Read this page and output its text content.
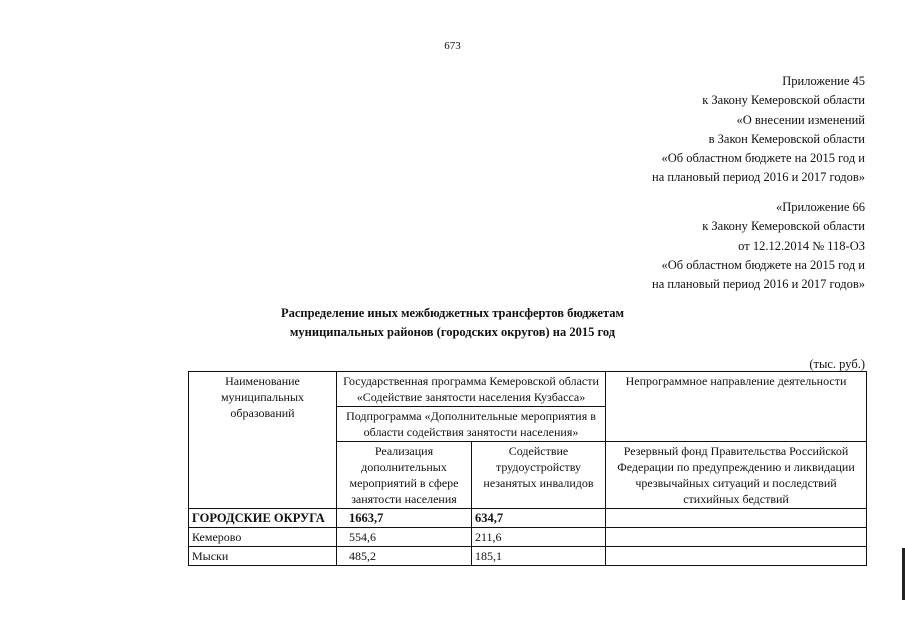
673
Приложение 45
к Закону Кемеровской области
«О внесении изменений
в Закон Кемеровской области
«Об областном бюджете на 2015 год и
на плановый период 2016 и 2017 годов»
«Приложение 66
к Закону Кемеровской области
от 12.12.2014 № 118-ОЗ
«Об областном бюджете на 2015 год и
на плановый период 2016 и 2017 годов»
Распределение иных межбюджетных трансфертов бюджетам
муниципальных районов (городских округов) на 2015 год
(тыс. руб.)
Наименование муниципальных образований	Государственная программа Кемеровской области «Содействие занятости населения Кузбасса»		Непрограммное направление деятельности
	Подпрограмма «Дополнительные мероприятия в области содействия занятости населения»		
	Реализация дополнительных мероприятий в сфере занятости населения	Содействие трудоустройству незанятых инвалидов	Резервный фонд Правительства Российской Федерации по предупреждению и ликвидации чрезвычайных ситуаций и последствий стихийных бедствий
ГОРОДСКИЕ ОКРУГА	1663,7	634,7	
Кемерово	554,6	211,6	
Мыски	485,2	185,1	
